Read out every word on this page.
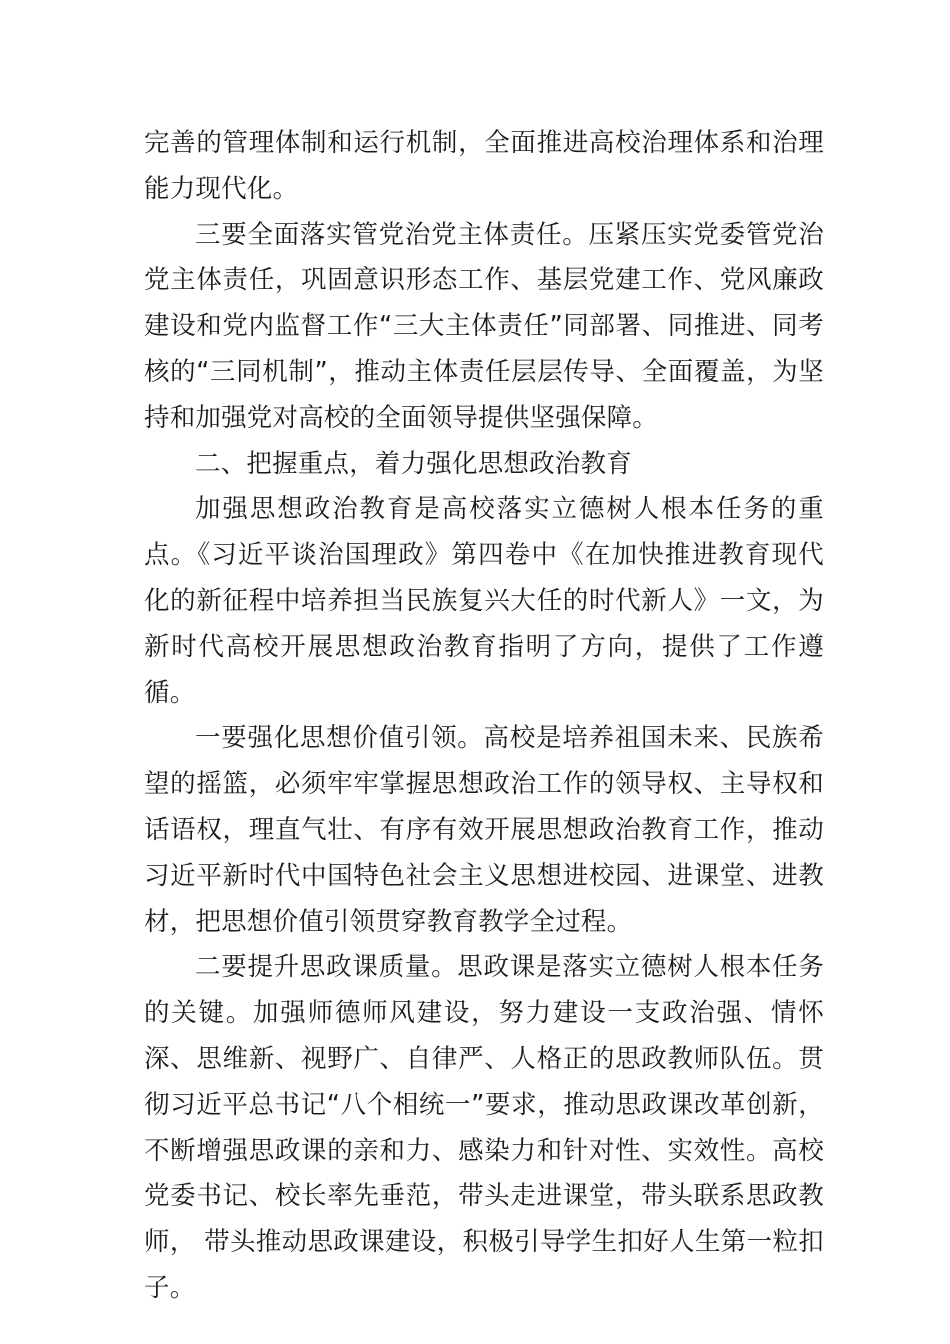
完善的管理体制和运行机制，全面推进高校治理体系和治理能力现代化。

三要全面落实管党治党主体责任。压紧压实党委管党治党主体责任，巩固意识形态工作、基层党建工作、党风廉政建设和党内监督工作“三大主体责任”同部署、同推进、同考核的“三同机制”，推动主体责任层层传导、全面覆盖，为坚持和加强党对高校的全面领导提供坚强保障。

二、把握重点，着力强化思想政治教育

加强思想政治教育是高校落实立德树人根本任务的重点。《习近平谈治国理政》第四卷中《在加快推进教育现代化的新征程中培养担当民族复兴大任的时代新人》一文，为新时代高校开展思想政治教育指明了方向，提供了工作遵循。

一要强化思想价值引领。高校是培养祖国未来、民族希望的摇篮，必须牢牢掌握思想政治工作的领导权、主导权和话语权，理直气壮、有序有效开展思想政治教育工作，推动习近平新时代中国特色社会主义思想进校园、进课堂、进教材，把思想价值引领贯穿教育教学全过程。

二要提升思政课质量。思政课是落实立德树人根本任务的关键。加强师德师风建设，努力建设一支政治强、情怀深、思维新、视野广、自律严、人格正的思政教师队伍。贯彻习近平总书记“八个相统一”要求，推动思政课改革创新，不断增强思政课的亲和力、感染力和针对性、实效性。高校党委书记、校长率先垂范，带头走进课堂，带头联系思政教师， 带头推动思政课建设，积极引导学生扣好人生第一粒扣子。
